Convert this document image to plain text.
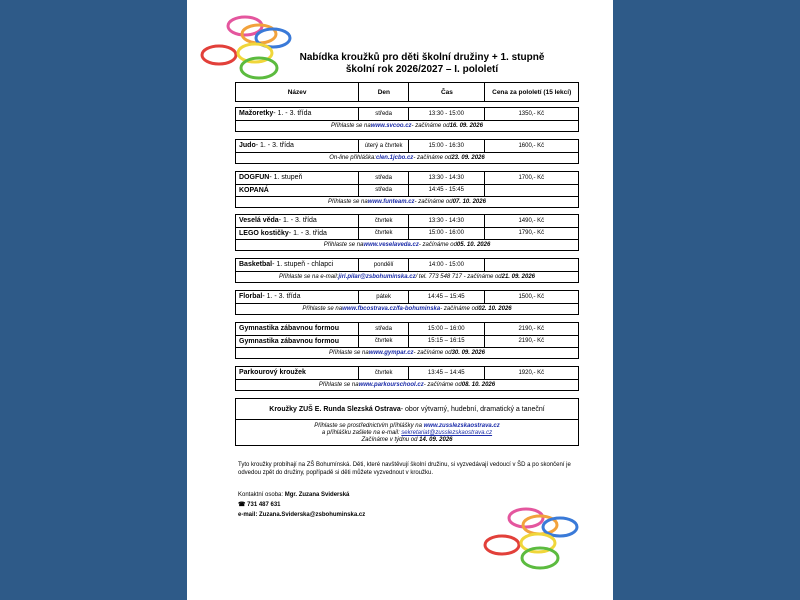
Nabídka kroužků pro děti školní družiny + 1. stupně
školní rok 2026/2027 – I. pololetí
Název	Den	Čas	Cena za pololetí (15 lekcí)
Mažoretky - 1. - 3. třída	středa	13:30 - 15:00	1350,- Kč
Přihlaste se na www.svcoo.cz - začínáme od 16. 09. 2026
Judo - 1. - 3. třída	úterý a čtvrtek	15:00 - 16:30	1600,- Kč
On-line přihláška: clen.1jcbo.cz - začínáme od 23. 09. 2026
DOGFUN - 1. stupeň	středa	13:30 - 14:30	1700,- Kč
KOPANÁ	středa	14:45 - 15:45
Přihlaste se na www.funteam.cz - začínáme od 07. 10. 2026
Veselá věda - 1. - 3. třída	čtvrtek	13:30 - 14:30	1490,- Kč
LEGO kostičky - 1. - 3. třída	čtvrtek	15:00 - 16:00	1790,- Kč
Přihlaste se na www.veselaveda.cz - začínáme od 05. 10. 2026
Basketbal - 1. stupeň - chlapci	pondělí	14:00 - 15:00
Přihlaste se na e-mail: jiri.pilar@zsbohuminska.cz / tel. 773 548 717 - začínáme od 21. 09. 2026
Florbal - 1. - 3. třída	pátek	14:45 – 15:45	1500,- Kč
Přihlaste se na www.fbcostrava.cz/fa-bohuminska - začínáme od 02. 10. 2026
Gymnastika zábavnou formou	středa	15:00 – 16:00	2190,- Kč
Gymnastika zábavnou formou	čtvrtek	15:15 – 16:15	2190,- Kč
Přihlaste se na www.gympar.cz - začínáme od 30. 09. 2026
Parkourový kroužek	čtvrtek	13:45 – 14:45	1920,- Kč
Přihlaste se na www.parkourschool.cz - začínáme od 08. 10. 2026
Kroužky ZUŠ E. Runda Slezská Ostrava - obor výtvarný, hudební, dramatický a taneční
Přihlaste se prostřednictvím přihlášky na www.zusslezskaostrava.cz
a přihlášku zašlete na e-mail: sekretariat@zusslezskaostrava.cz
Začínáme v týdnu od 14. 09. 2026
Tyto kroužky probíhají na ZŠ Bohumínská. Děti, které navštěvují školní družinu, si vyzvedávají vedoucí v ŠD a po skončení je odvedou zpět do družiny, popřípadě si děti můžete vyzvednout v kroužku.
Kontaktní osoba: Mgr. Zuzana Sviderská
☎ 731 487 631
e-mail: Zuzana.Sviderska@zsbohuminska.cz
